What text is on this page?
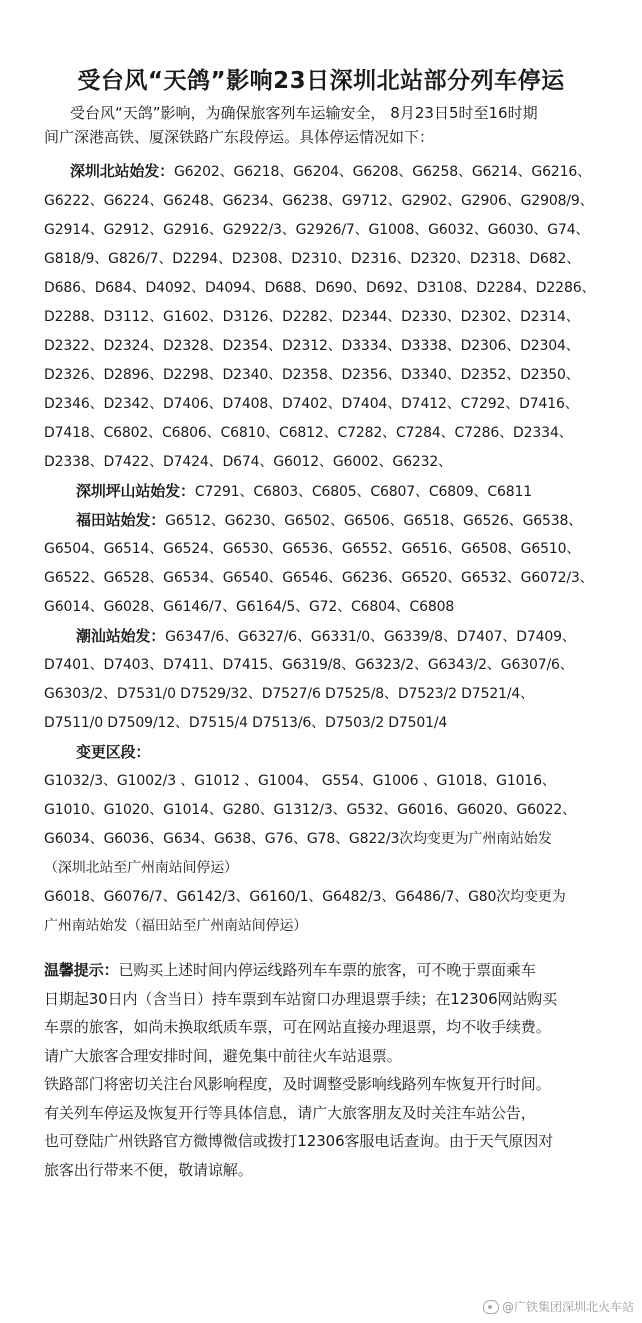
受台风“天鸽”影响23日深圳北站部分列车停运
受台风“天鸽”影响，为确保旅客列车运输安全， 8月23日5时至16时期
间广深港高铁、厦深铁路广东段停运。具体停运情况如下：
深圳北站始发：G6202、G6218、G6204、G6208、G6258、G6214、G6216、
G6222、G6224、G6248、G6234、G6238、G9712、G2902、G2906、G2908/9、
G2914、G2912、G2916、G2922/3、G2926/7、G1008、G6032、G6030、G74、
G818/9、G826/7、D2294、D2308、D2310、D2316、D2320、D2318、D682、
D686、D684、D4092、D4094、D688、D690、D692、D3108、D2284、D2286、
D2288、D3112、G1602、D3126、D2282、D2344、D2330、D2302、D2314、
D2322、D2324、D2328、D2354、D2312、D3334、D3338、D2306、D2304、
D2326、D2896、D2298、D2340、D2358、D2356、D3340、D2352、D2350、
D2346、D2342、D7406、D7408、D7402、D7404、D7412、C7292、D7416、
D7418、C6802、C6806、C6810、C6812、C7282、C7284、C7286、D2334、
D2338、D7422、D7424、D674、G6012、G6002、G6232、
深圳坪山站始发：C7291、C6803、C6805、C6807、C6809、C6811
福田站始发：G6512、G6230、G6502、G6506、G6518、G6526、G6538、
G6504、G6514、G6524、G6530、G6536、G6552、G6516、G6508、G6510、
G6522、G6528、G6534、G6540、G6546、G6236、G6520、G6532、G6072/3、
G6014、G6028、G6146/7、G6164/5、G72、C6804、C6808
潮汕站始发：G6347/6、G6327/6、G6331/0、G6339/8、D7407、D7409、
D7401、D7403、D7411、D7415、G6319/8、G6323/2、G6343/2、G6307/6、
G6303/2、D7531/0 D7529/32、D7527/6 D7525/8、D7523/2 D7521/4、
D7511/0 D7509/12、D7515/4 D7513/6、D7503/2 D7501/4
变更区段：
G1032/3、G1002/3 、G1012 、G1004、 G554、G1006 、G1018、G1016、
G1010、G1020、G1014、G280、G1312/3、G532、G6016、G6020、G6022、
G6034、G6036、G634、G638、G76、G78、G822/3次均变更为广州南站始发
（深圳北站至广州南站间停运）
G6018、G6076/7、G6142/3、G6160/1、G6482/3、G6486/7、G80次均变更为
广州南站始发（福田站至广州南站间停运）
温馨提示：已购买上述时间内停运线路列车车票的旅客，可不晚于票面乘车
日期起30日内（含当日）持车票到车站窗口办理退票手续；在12306网站购买
车票的旅客，如尚未换取纸质车票，可在网站直接办理退票，均不收手续费。
请广大旅客合理安排时间，避免集中前往火车站退票。
铁路部门将密切关注台风影响程度，及时调整受影响线路列车恢复开行时间。
有关列车停运及恢复开行等具体信息，请广大旅客朋友及时关注车站公告，
也可登陆广州铁路官方微博微信或拨打12306客服电话查询。由于天气原因对
旅客出行带来不便，敬请谅解。
@广铁集团深圳北火车站
